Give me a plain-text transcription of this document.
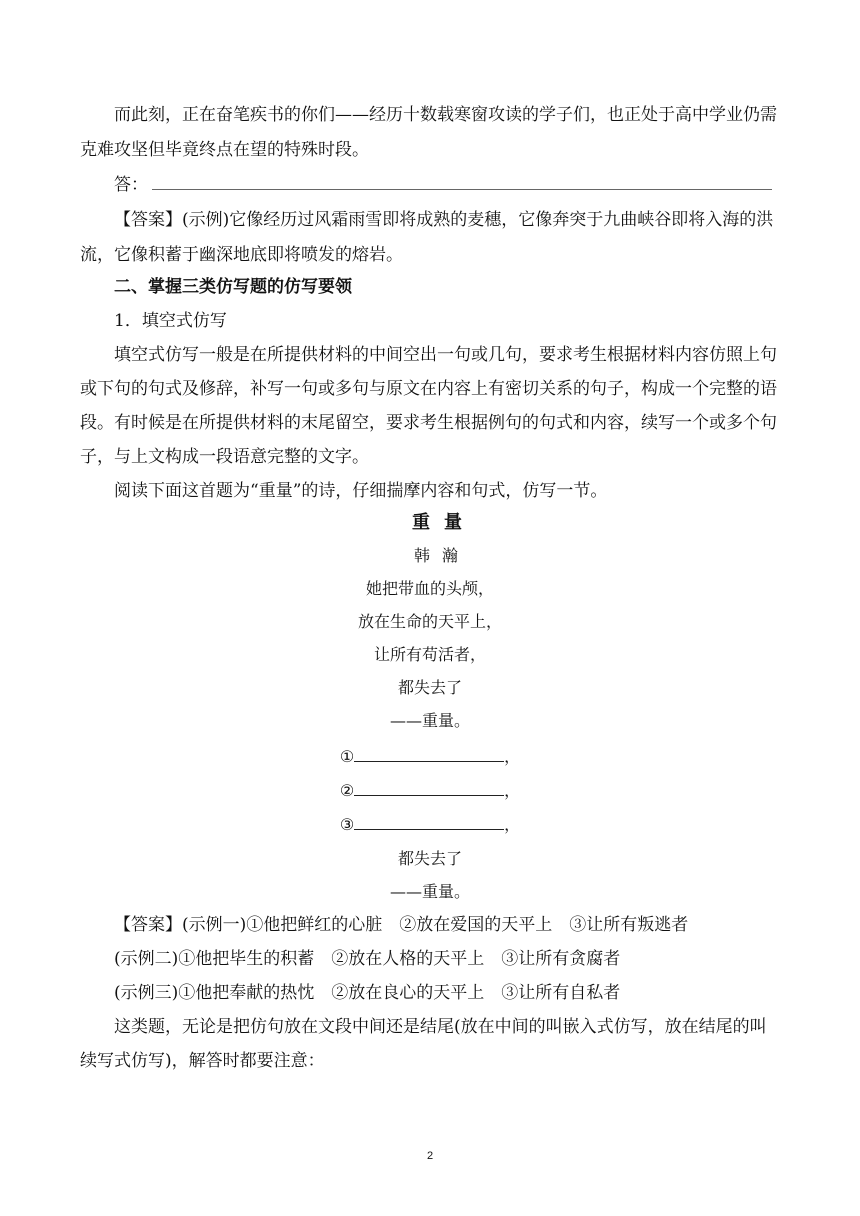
而此刻，正在奋笔疾书的你们——经历十数载寒窗攻读的学子们，也正处于高中学业仍需
克难攻坚但毕竟终点在望的特殊时段。
答：
【答案】(示例)它像经历过风霜雨雪即将成熟的麦穗，它像奔突于九曲峡谷即将入海的洪
流，它像积蓄于幽深地底即将喷发的熔岩。
二、掌握三类仿写题的仿写要领
1．填空式仿写
填空式仿写一般是在所提供材料的中间空出一句或几句，要求考生根据材料内容仿照上句
或下句的句式及修辞，补写一句或多句与原文在内容上有密切关系的句子，构成一个完整的语
段。有时候是在所提供材料的末尾留空，要求考生根据例句的句式和内容，续写一个或多个句
子，与上文构成一段语意完整的文字。
阅读下面这首题为“重量”的诗，仔细揣摩内容和句式，仿写一节。
重量
韩瀚
她把带血的头颅，
放在生命的天平上，
让所有苟活者，
都失去了
——重量。
①	，
②	，
③	，
都失去了
——重量。
【答案】(示例一)①他把鲜红的心脏　②放在爱国的天平上　③让所有叛逃者
(示例二)①他把毕生的积蓄　②放在人格的天平上　③让所有贪腐者
(示例三)①他把奉献的热忱　②放在良心的天平上　③让所有自私者
这类题，无论是把仿句放在文段中间还是结尾(放在中间的叫嵌入式仿写，放在结尾的叫
续写式仿写)，解答时都要注意：
2
